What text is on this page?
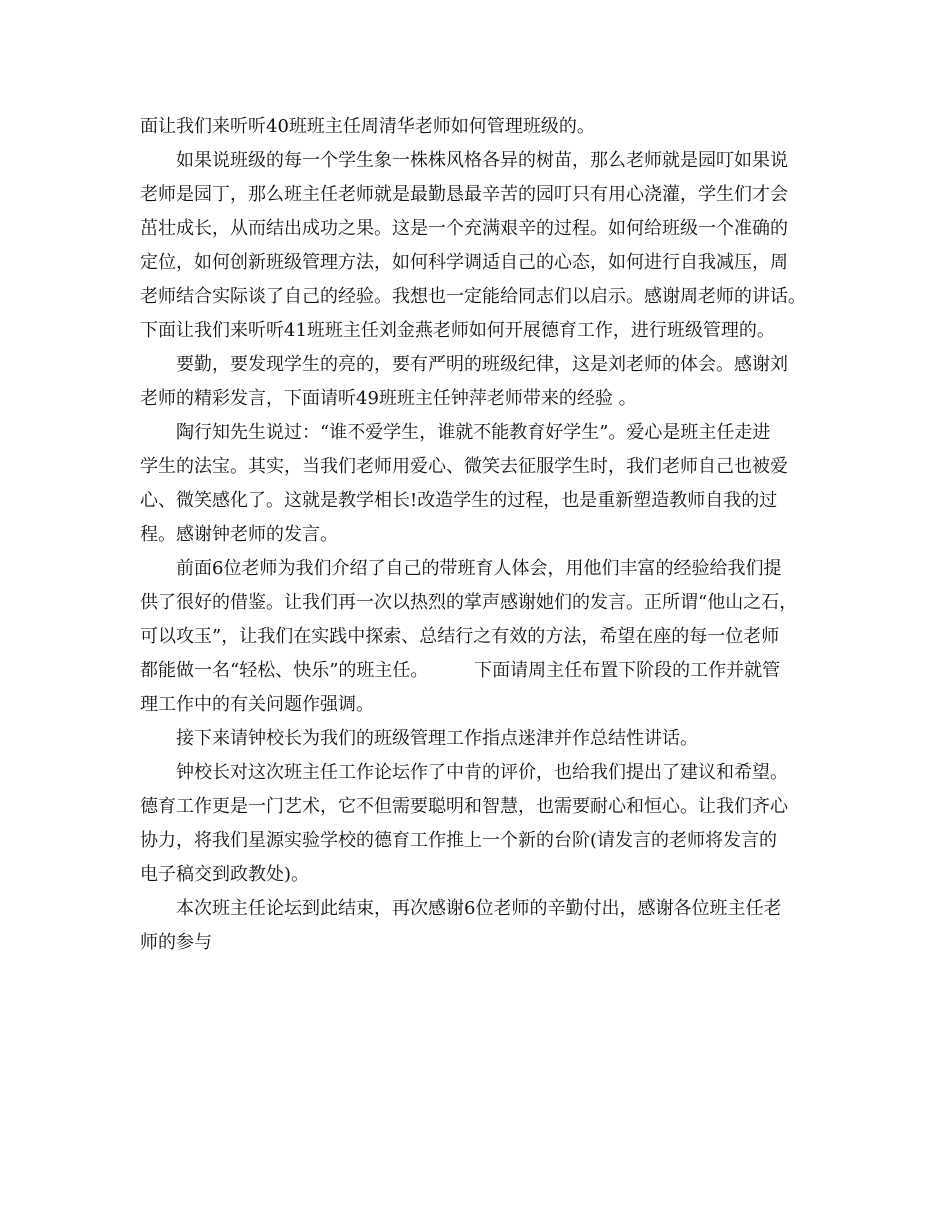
面让我们来听听40班班主任周清华老师如何管理班级的。
如果说班级的每一个学生象一株株风格各异的树苗，那么老师就是园叮如果说
老师是园丁，那么班主任老师就是最勤恳最辛苦的园叮只有用心浇灌，学生们才会
茁壮成长，从而结出成功之果。这是一个充满艰辛的过程。如何给班级一个准确的
定位，如何创新班级管理方法，如何科学调适自己的心态，如何进行自我减压，周
老师结合实际谈了自己的经验。我想也一定能给同志们以启示。感谢周老师的讲话。
下面让我们来听听41班班主任刘金燕老师如何开展德育工作，进行班级管理的。
要勤，要发现学生的亮的，要有严明的班级纪律，这是刘老师的体会。感谢刘
老师的精彩发言，下面请听49班班主任钟萍老师带来的经验 。
陶行知先生说过：“谁不爱学生，谁就不能教育好学生”。爱心是班主任走进
学生的法宝。其实，当我们老师用爱心、微笑去征服学生时，我们老师自己也被爱
心、微笑感化了。这就是教学相长!改造学生的过程，也是重新塑造教师自我的过
程。感谢钟老师的发言。
前面6位老师为我们介绍了自己的带班育人体会，用他们丰富的经验给我们提
供了很好的借鉴。让我们再一次以热烈的掌声感谢她们的发言。正所谓“他山之石，
可以攻玉”，让我们在实践中探索、总结行之有效的方法，希望在座的每一位老师
都能做一名“轻松、快乐”的班主任。        下面请周主任布置下阶段的工作并就管
理工作中的有关问题作强调。
接下来请钟校长为我们的班级管理工作指点迷津并作总结性讲话。
钟校长对这次班主任工作论坛作了中肯的评价，也给我们提出了建议和希望。
德育工作更是一门艺术，它不但需要聪明和智慧，也需要耐心和恒心。让我们齐心
协力，将我们星源实验学校的德育工作推上一个新的台阶(请发言的老师将发言的
电子稿交到政教处)。
本次班主任论坛到此结束，再次感谢6位老师的辛勤付出，感谢各位班主任老
师的参与
